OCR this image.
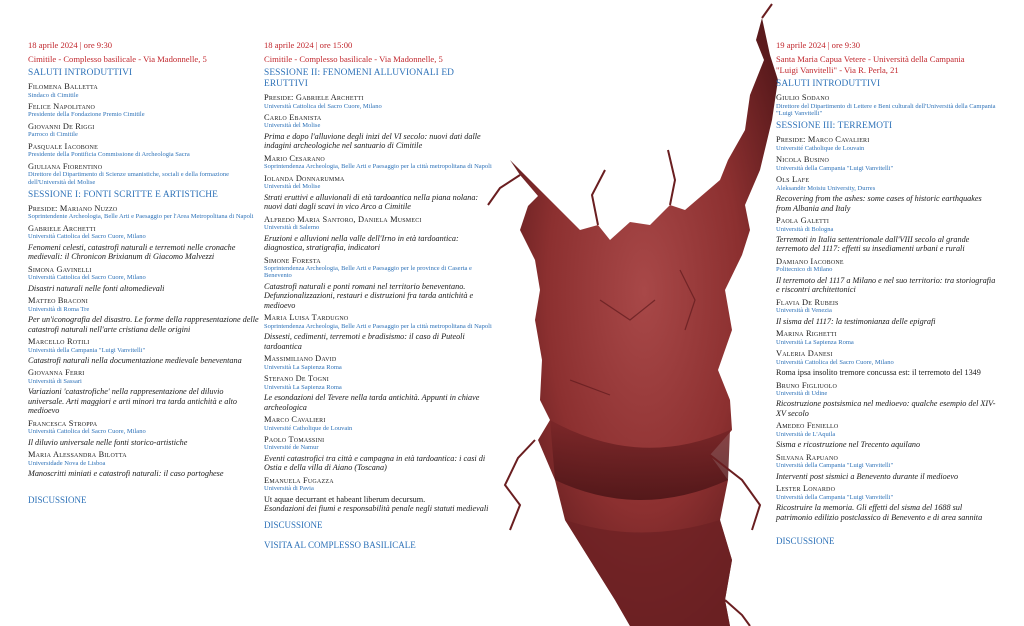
18 aprile 2024 | ore 9:30

Cimitile - Complesso basilicale - Via Madonnelle, 5

SALUTI INTRODUTTIVI

Filomena Balletta

Sindaco di Cimitile

Felice Napolitano

Presidente della Fondazione Premio Cimitile

Giovanni De Riggi

Parroco di Cimitile

Pasquale Iacobone

Presidente della Pontificia Commissione di Archeologia Sacra

Giuliana Fiorentino

Direttore del Dipartimento di Scienze umanistiche, sociali e della formazione dell'Università del Molise

SESSIONE I: FONTI SCRITTE E ARTISTICHE

Preside: Mariano Nuzzo

Soprintendente Archeologia, Belle Arti e Paesaggio per l'Area Metropolitana di Napoli

Gabriele Archetti

Università Cattolica del Sacro Cuore, Milano

Fenomeni celesti, catastrofi naturali e terremoti nelle cronache medievali: il Chronicon Brixianum di Giacomo Malvezzi

Simona Gavinelli

Università Cattolica del Sacro Cuore, Milano

Disastri naturali nelle fonti altomedievali

Matteo Braconi

Università di Roma Tre

Per un'iconografia del disastro. Le forme della rappresentazione delle catastrofi naturali nell'arte cristiana delle origini

Marcello Rotili

Università della Campania "Luigi Vanvitelli"

Catastrofi naturali nella documentazione medievale beneventana

Giovanna Ferri

Università di Sassari

Variazioni 'catastrofiche' nella rappresentazione del diluvio universale. Arti maggiori e arti minori tra tarda antichità e alto medioevo

Francesca Stroppa

Università Cattolica del Sacro Cuore, Milano

Il diluvio universale nelle fonti storico-artistiche

Maria Alessandra Bilotta

Universidade Nova de Lisboa

Manoscritti miniati e catastrofi naturali: il caso portoghese

DISCUSSIONE

18 aprile 2024 | ore 15:00

Cimitile - Complesso basilicale - Via Madonnelle, 5

SESSIONE II: FENOMENI ALLUVIONALI ED ERUTTIVI

Preside: Gabriele Archetti

Università Cattolica del Sacro Cuore, Milano

Carlo Ebanista

Università del Molise

Prima e dopo l'alluvione degli inizi del VI secolo: nuovi dati dalle indagini archeologiche nel santuario di Cimitile

Mario Cesarano

Soprintendenza Archeologia, Belle Arti e Paesaggio per la città metropolitana di Napoli

Iolanda Donnarumma

Università del Molise

Strati eruttivi e alluvionali di età tardoantica nella piana nolana: nuovi dati dagli scavi in vico Arco a Cimitile

Alfredo Maria Santoro, Daniela Musmeci

Università di Salerno

Eruzioni e alluvioni nella valle dell'Irno in età tardoantica: diagnostica, stratigrafia, indicatori

Simone Foresta

Soprintendenza Archeologia, Belle Arti e Paesaggio per le province di Caserta e Benevento

Catastrofi naturali e ponti romani nel territorio beneventano. Defunzionalizzazioni, restauri e distruzioni fra tarda antichità e medioevo

Maria Luisa Tardugno

Soprintendenza Archeologia, Belle Arti e Paesaggio per la città metropolitana di Napoli

Dissesti, cedimenti, terremoti e bradisismo: il caso di Puteoli tardoantica

Massimiliano David

Università La Sapienza Roma

Stefano De Togni

Università La Sapienza Roma

Le esondazioni del Tevere nella tarda antichità. Appunti in chiave archeologica

Marco Cavalieri

Université Catholique de Louvain

Paolo Tomassini

Université de Namur

Eventi catastrofici tra città e campagna in età tardoantica: i casi di Ostia e della villa di Aiano (Toscana)

Emanuela Fugazza

Università di Pavia

Ut aquae decurrant et habeant liberum decursum.

Esondazioni dei fiumi e responsabilità penale negli statuti medievali

DISCUSSIONE

VISITA AL COMPLESSO BASILICALE

19 aprile 2024 | ore 9:30

Santa Maria Capua Vetere - Università della Campania

"Luigi Vanvitelli" - Via R. Perla, 21

SALUTI INTRODUTTIVI

Giulio Sodano

Direttore del Dipartimento di Lettere e Beni culturali dell'Università della Campania "Luigi Vanvitelli"

SESSIONE III: TERREMOTI

Preside: Marco Cavalieri

Université Catholique de Louvain

Nicola Busino

Università della Campania "Luigi Vanvitelli"

Ols Lafe

Aleksandër Moisiu University, Durres

Recovering from the ashes: some cases of historic earthquakes from Albania and Italy

Paola Galetti

Università di Bologna

Terremoti in Italia settentrionale dall'VIII secolo al grande terremoto del 1117: effetti su insediamenti urbani e rurali

Damiano Iacobone

Politecnico di Milano

Il terremoto del 1117 a Milano e nel suo territorio: tra storiografia e riscontri architettonici

Flavia De Rubeis

Università di Venezia

Il sisma del 1117: la testimonianza delle epigrafi

Marina Righetti

Università La Sapienza Roma

Valeria Danesi

Università Cattolica del Sacro Cuore, Milano

Roma ipsa insolito tremore concussa est: il terremoto del 1349

Bruno Figliuolo

Università di Udine

Ricostruzione postsismica nel medioevo: qualche esempio del XIV-XV secolo

Amedeo Feniello

Università de L'Aquila

Sisma e ricostruzione nel Trecento aquilano

Silvana Rapuano

Università della Campania "Luigi Vanvitelli"

Interventi post sismici a Benevento durante il medioevo

Lester Lonardo

Università della Campania "Luigi Vanvitelli"

Ricostruire la memoria. Gli effetti del sisma del 1688 sul patrimonio edilizio postclassico di Benevento e di area sannita

DISCUSSIONE
